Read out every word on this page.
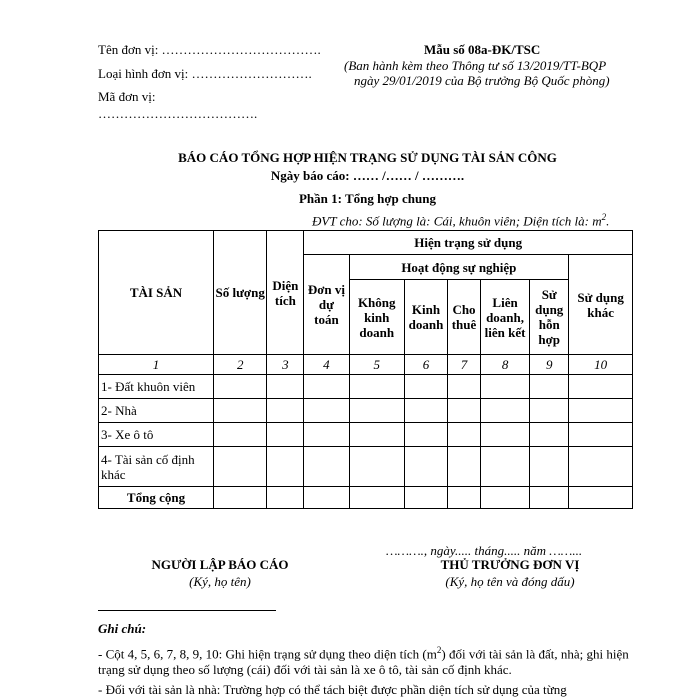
Tên đơn vị: ……………………………….
Loại hình đơn vị: ……………………….
Mã đơn vị:
……………………………….
Mẫu số 08a-ĐK/TSC
(Ban hành kèm theo Thông tư số 13/2019/TT-BQP
ngày 29/01/2019 của Bộ trưởng Bộ Quốc phòng)
BÁO CÁO TỔNG HỢP HIỆN TRẠNG SỬ DỤNG TÀI SẢN CÔNG
Ngày báo cáo: …… /…… / ……….
Phần 1: Tổng hợp chung
ĐVT cho: Số lượng là: Cái, khuôn viên; Diện tích là: $m^2$.
TÀI SẢN	Số lượng	Diện tích	Hiện trạng sử dụng						
			Đơn vị dự toán	Hoạt động sự nghiệp					Sử dụng khác
				Không kinh doanh	Kinh doanh	Cho thuê	Liên doanh, liên kết	Sử dụng hỗn hợp	
1	2	3	4	5	6	7	8	9	10
1- Đất khuôn viên									
2- Nhà									
3- Xe ô tô									
4- Tài sản cố định khác									
Tổng cộng									
………., ngày..... tháng..... năm ……...
NGƯỜI LẬP BÁO CÁO
(Ký, họ tên)
THỦ TRƯỞNG ĐƠN VỊ
(Ký, họ tên và đóng dấu)
Ghi chú:
- Cột 4, 5, 6, 7, 8, 9, 10: Ghi hiện trạng sử dụng theo diện tích $(m^2)$ đối với tài sản là đất, nhà; ghi hiện trạng sử dụng theo số lượng (cái) đối với tài sản là xe ô tô, tài sản cố định khác.
- Đối với tài sản là nhà: Trường hợp có thể tách biệt được phần diện tích sử dụng của từng
